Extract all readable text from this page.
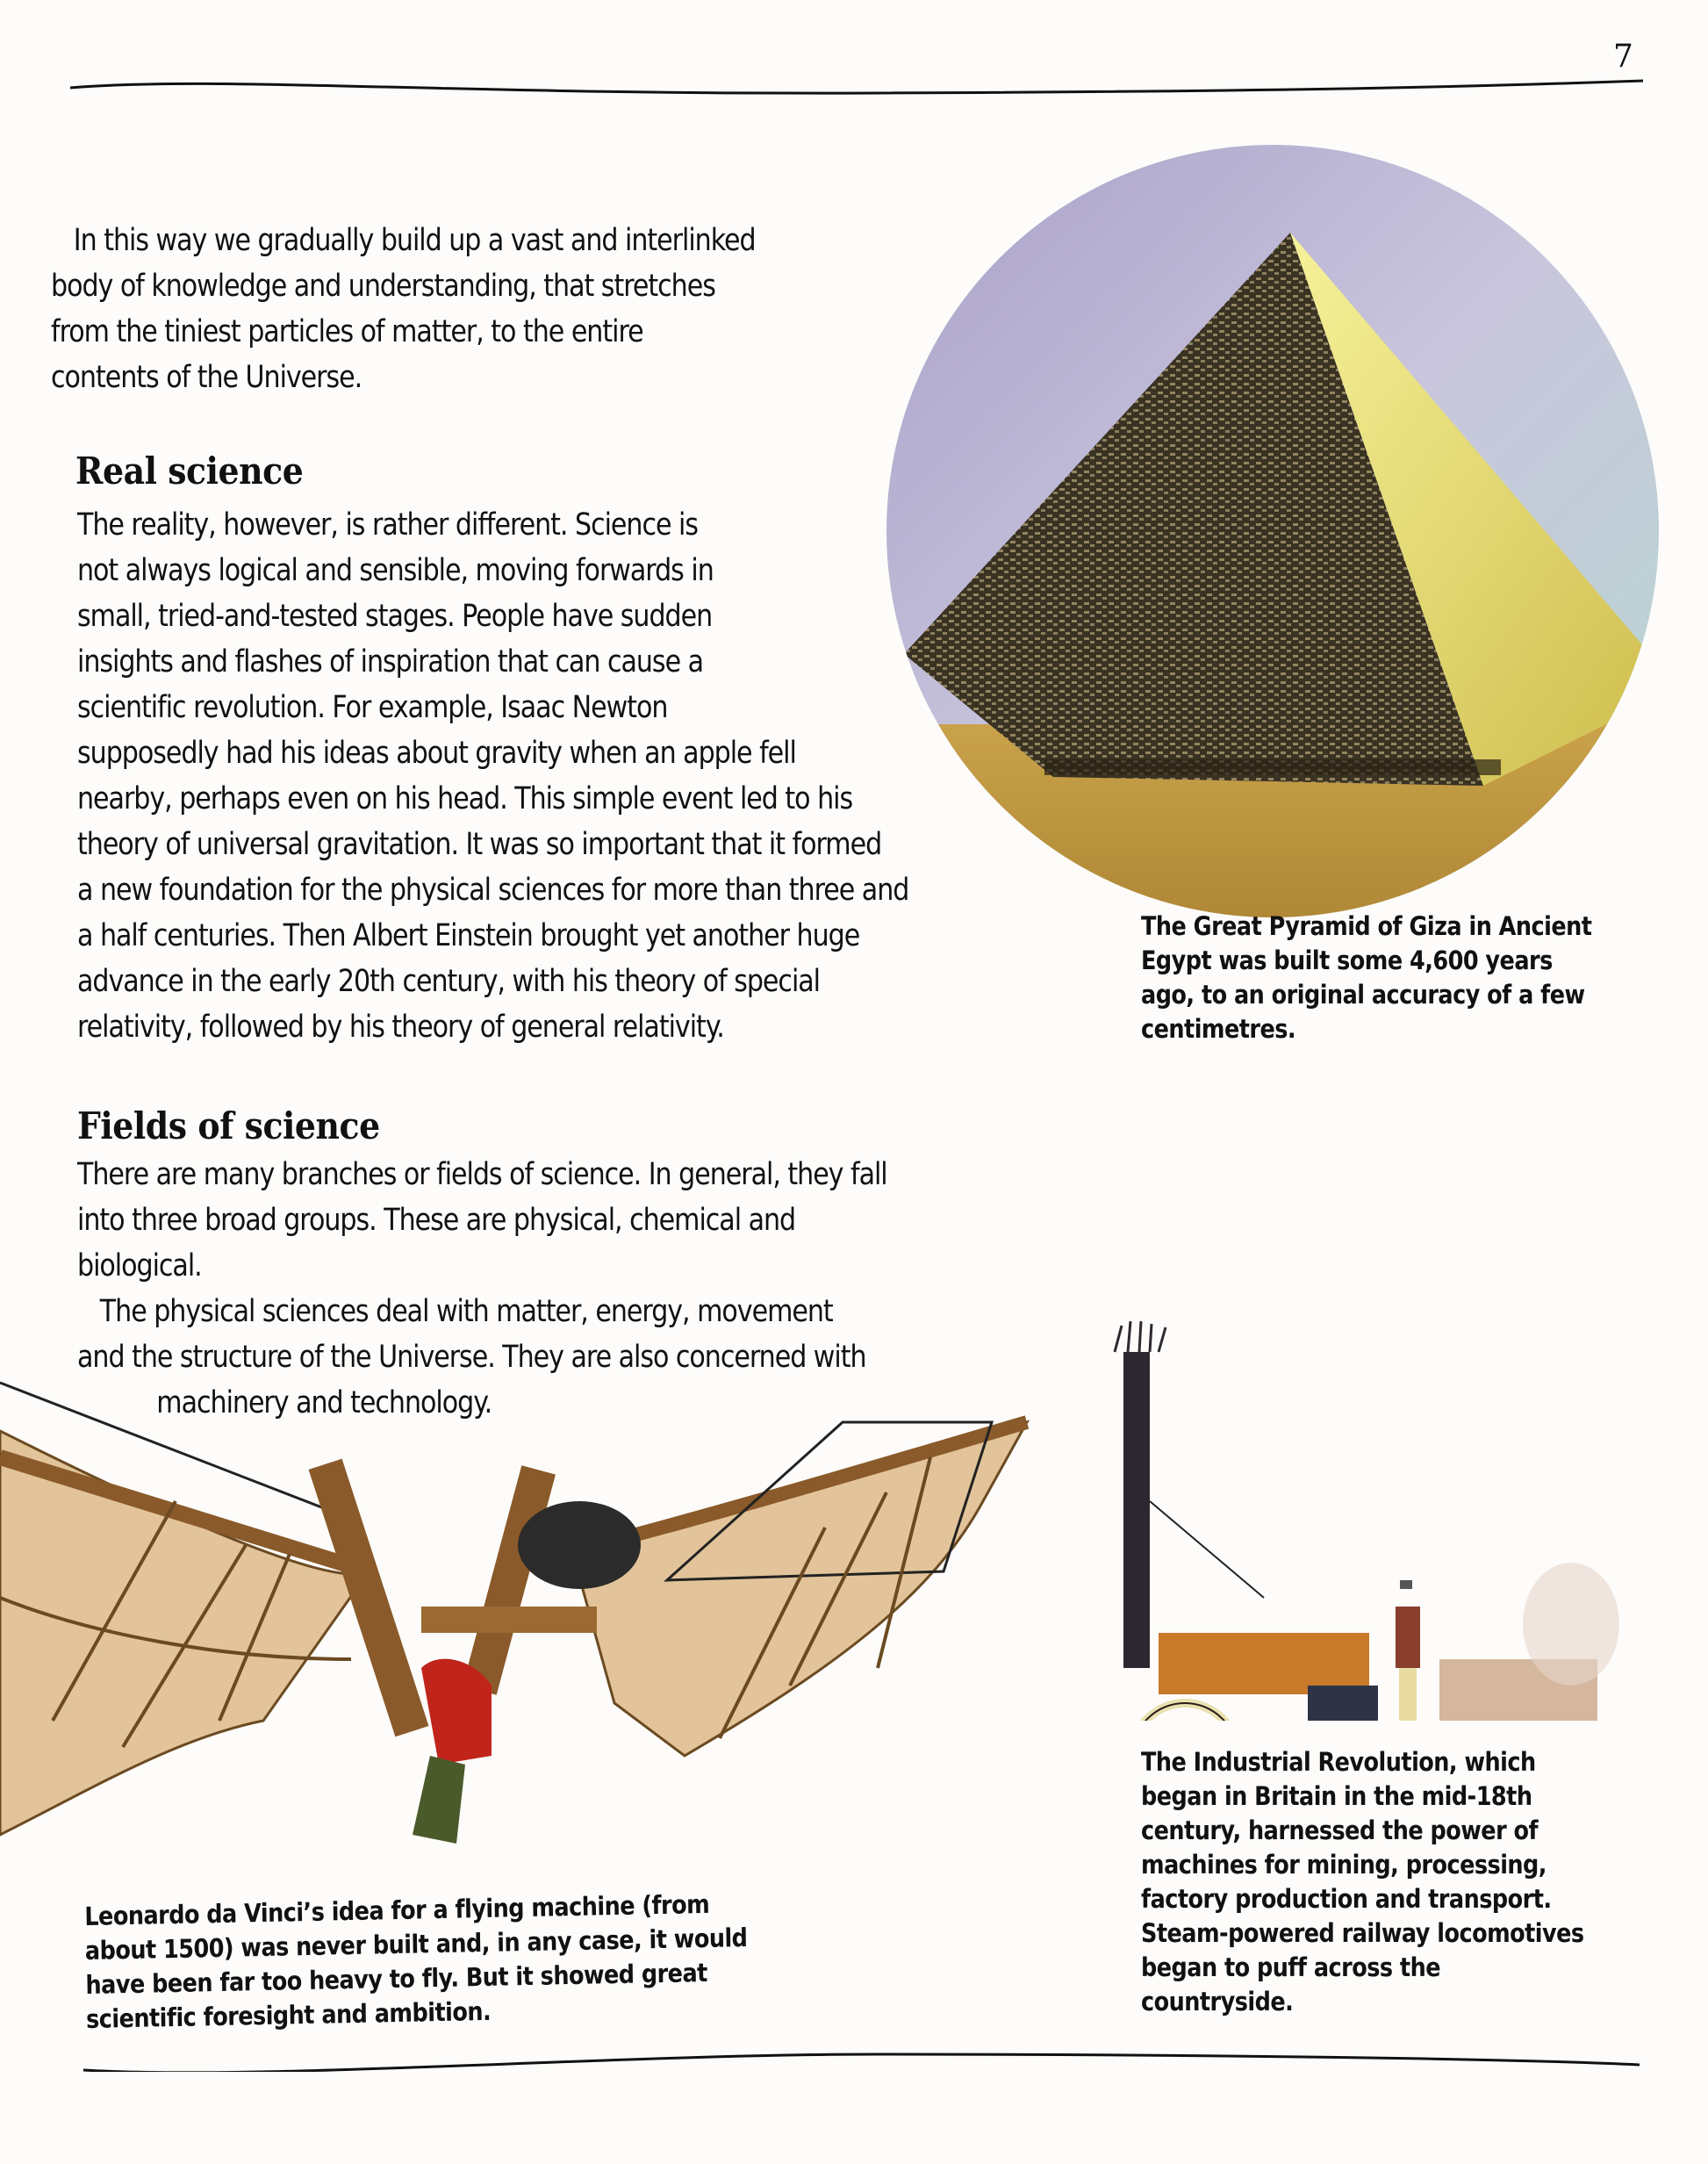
7
In this way we gradually build up a vast and interlinked
body of knowledge and understanding, that stretches
from the tiniest particles of matter, to the entire
contents of the Universe.
Real science
The reality, however, is rather different. Science is
not always logical and sensible, moving forwards in
small, tried-and-tested stages. People have sudden
insights and flashes of inspiration that can cause a
scientific revolution. For example, Isaac Newton
supposedly had his ideas about gravity when an apple fell
nearby, perhaps even on his head. This simple event led to his
theory of universal gravitation. It was so important that it formed
a new foundation for the physical sciences for more than three and
a half centuries. Then Albert Einstein brought yet another huge
advance in the early 20th century, with his theory of special
relativity, followed by his theory of general relativity.
Fields of science
There are many branches or fields of science. In general, they fall
into three broad groups. These are physical, chemical and
biological.
The physical sciences deal with matter, energy, movement
and the structure of the Universe. They are also concerned with
machinery and technology.
The Great Pyramid of Giza in Ancient
Egypt was built some 4,600 years
ago, to an original accuracy of a few
centimetres.
Leonardo da Vinci’s idea for a flying machine (from
about 1500) was never built and, in any case, it would
have been far too heavy to fly. But it showed great
scientific foresight and ambition.
The Industrial Revolution, which
began in Britain in the mid-18th
century, harnessed the power of
machines for mining, processing,
factory production and transport.
Steam-powered railway locomotives
began to puff across the
countryside.
